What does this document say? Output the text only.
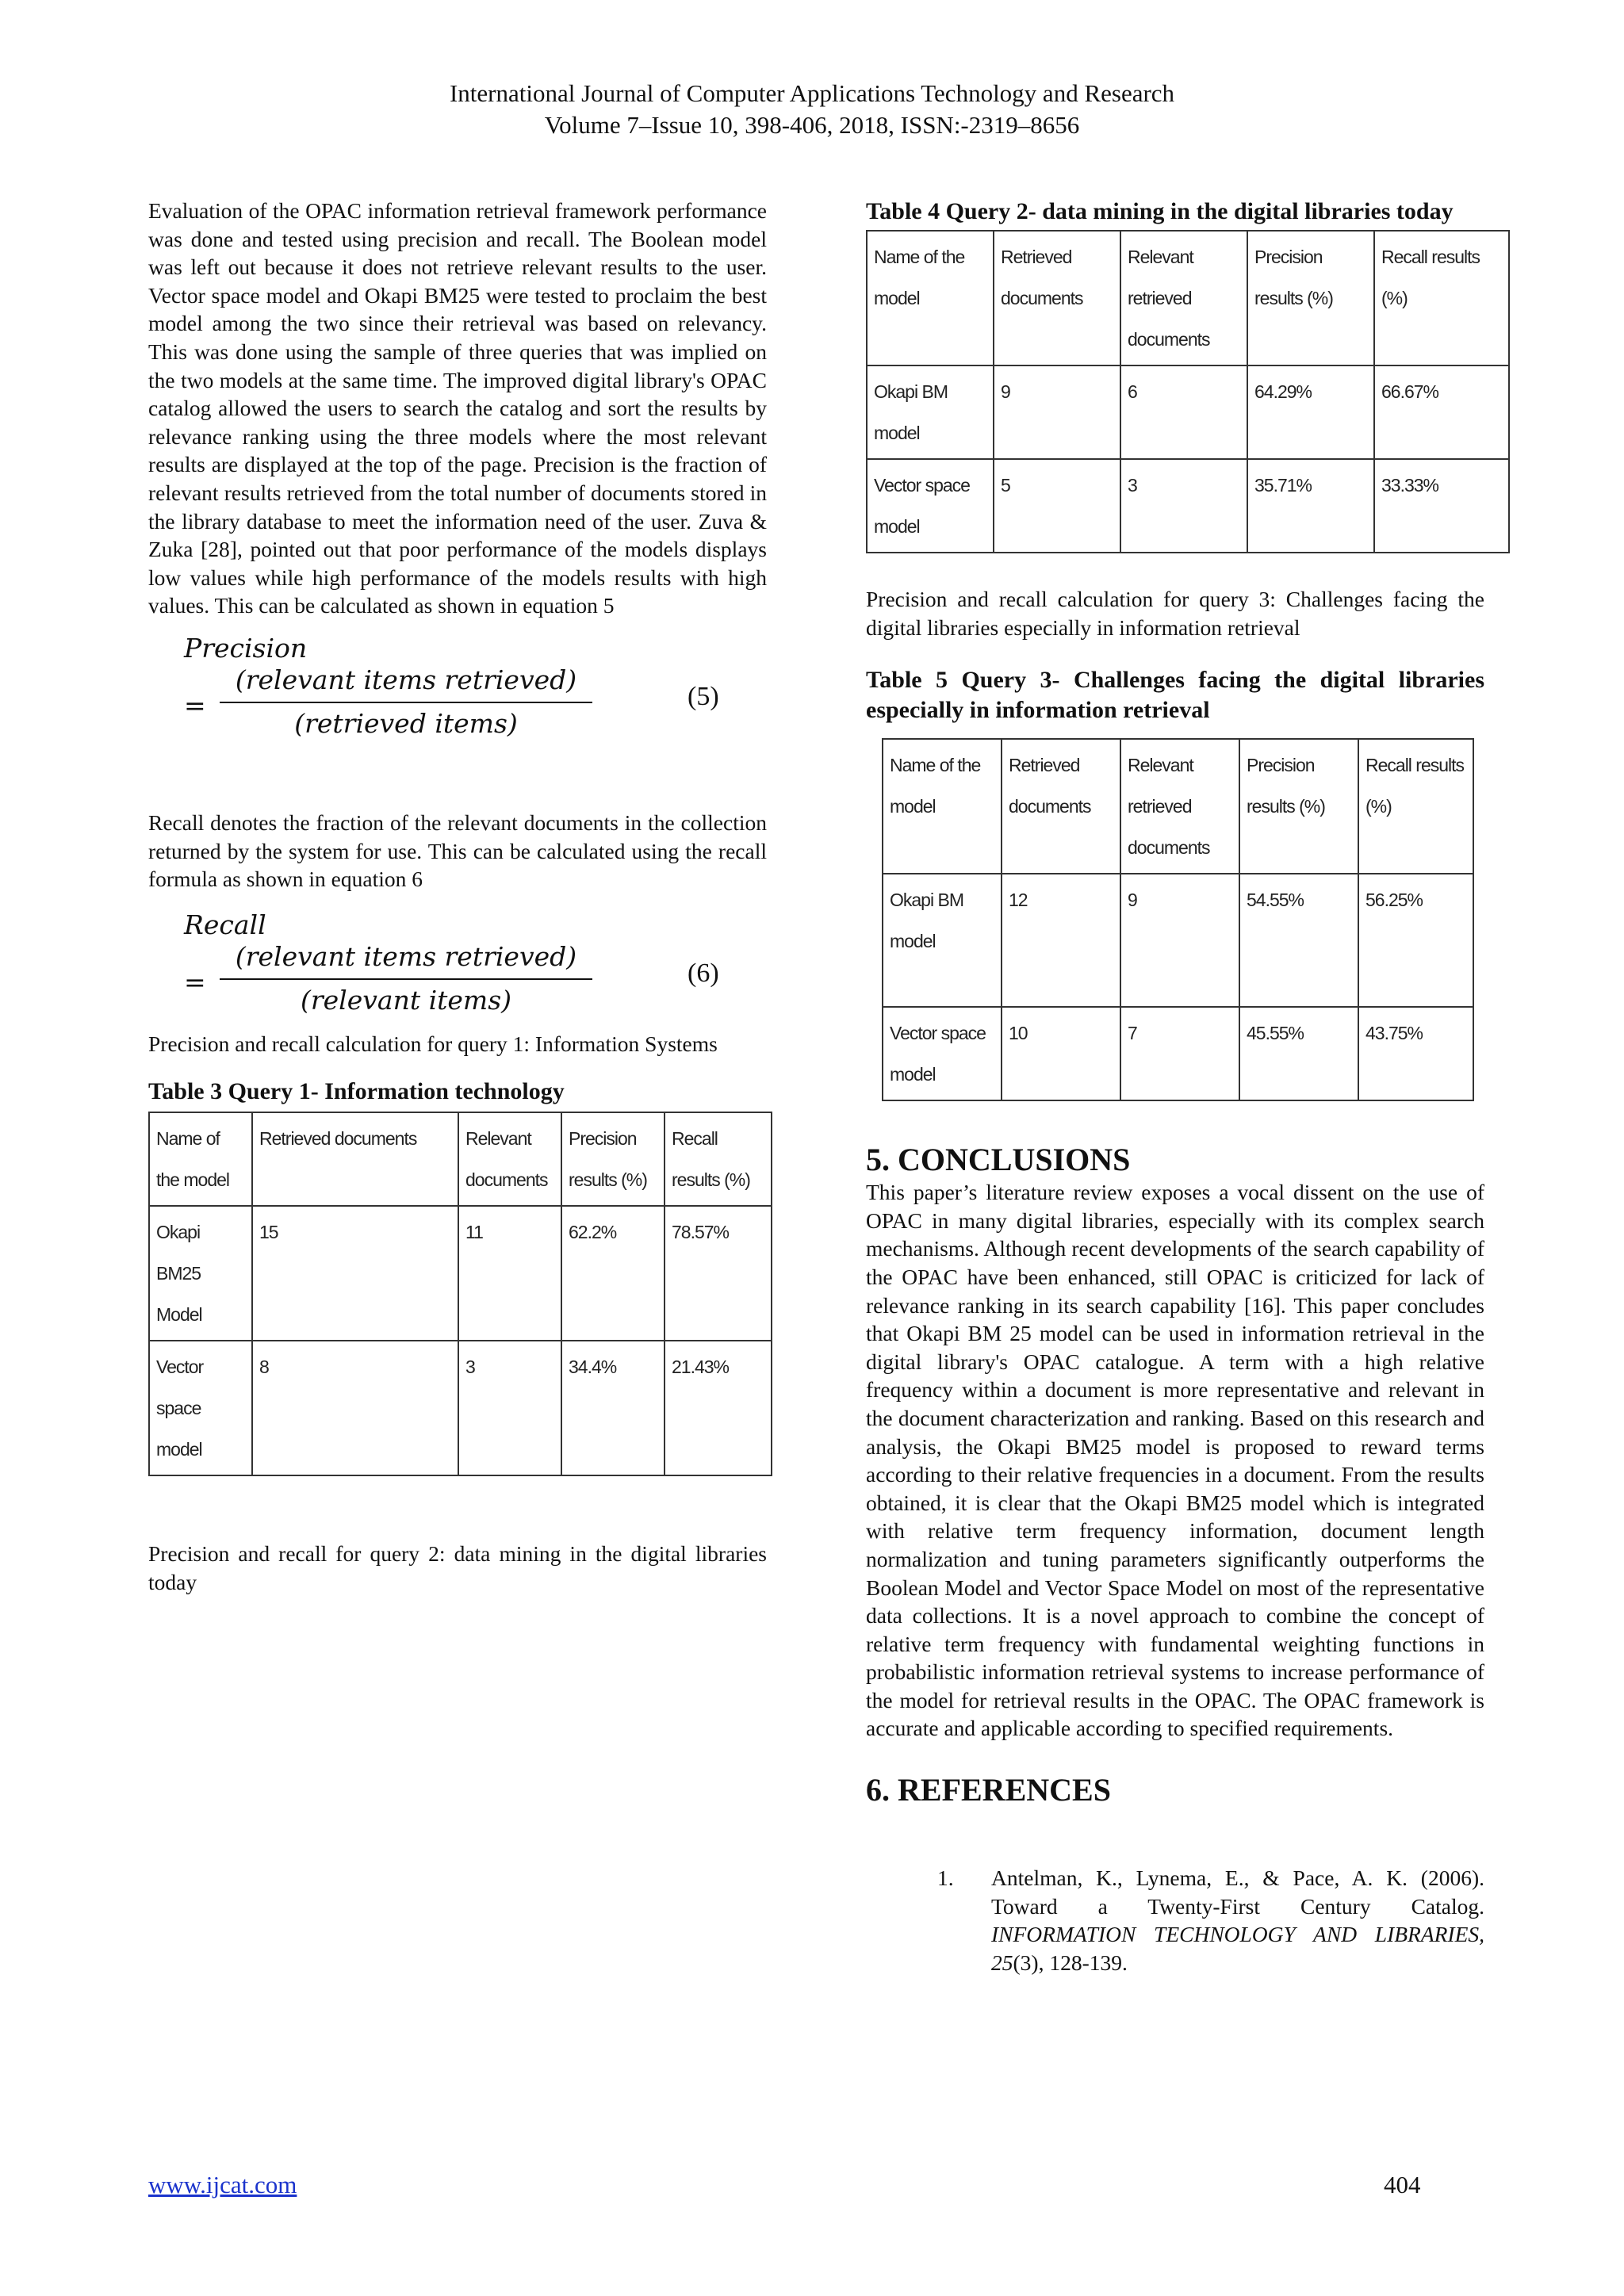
International Journal of Computer Applications Technology and Research
Volume 7–Issue 10, 398-406, 2018, ISSN:-2319–8656

Evaluation of the OPAC information retrieval framework performance was done and tested using precision and recall. The Boolean model was left out because it does not retrieve relevant results to the user. Vector space model and Okapi BM25 were tested to proclaim the best model among the two since their retrieval was based on relevancy. This was done using the sample of three queries that was implied on the two models at the same time. The improved digital library's OPAC catalog allowed the users to search the catalog and sort the results by relevance ranking using the three models where the most relevant results are displayed at the top of the page. Precision is the fraction of relevant results retrieved from the total number of documents stored in the library database to meet the information need of the user. Zuva & Zuka [28], pointed out that poor performance of the models displays low values while high performance of the models results with high values. This can be calculated as shown in equation 5

Precision
=
(relevant items retrieved)
(retrieved items)
(5)

Recall denotes the fraction of the relevant documents in the collection returned by the system for use. This can be calculated using the recall formula as shown in equation 6

Recall
=
(relevant items retrieved)
(relevant items)
(6)

Precision and recall calculation for query 1: Information Systems

Table 3 Query 1- Information technology

Name of the model	Retrieved documents	Relevant documents	Precision results (%)	Recall results (%)
Okapi BM25 Model	15	11	62.2%	78.57%
Vector space model	8	3	34.4%	21.43%

Precision and recall for query 2: data mining in the digital libraries today

Table 4 Query 2- data mining in the digital libraries today

Name of the model	Retrieved documents	Relevant retrieved documents	Precision results (%)	Recall results (%)
Okapi BM model	9	6	64.29%	66.67%
Vector space model	5	3	35.71%	33.33%

Precision and recall calculation for query 3: Challenges facing the digital libraries especially in information retrieval

Table 5 Query 3- Challenges facing the digital libraries especially in information retrieval

Name of the model	Retrieved documents	Relevant retrieved documents	Precision results (%)	Recall results (%)
Okapi BM model	12	9	54.55%	56.25%
Vector space model	10	7	45.55%	43.75%

5. CONCLUSIONS

This paper’s literature review exposes a vocal dissent on the use of OPAC in many digital libraries, especially with its complex search mechanisms. Although recent developments of the search capability of the OPAC have been enhanced, still OPAC is criticized for lack of relevance ranking in its search capability [16]. This paper concludes that Okapi BM 25 model can be used in information retrieval in the digital library's OPAC catalogue. A term with a high relative frequency within a document is more representative and relevant in the document characterization and ranking. Based on this research and analysis, the Okapi BM25 model is proposed to reward terms according to their relative frequencies in a document. From the results obtained, it is clear that the Okapi BM25 model which is integrated with relative term frequency information, document length normalization and tuning parameters significantly outperforms the Boolean Model and Vector Space Model on most of the representative data collections. It is a novel approach to combine the concept of relative term frequency with fundamental weighting functions in probabilistic information retrieval systems to increase performance of the model for retrieval results in the OPAC. The OPAC framework is accurate and applicable according to specified requirements.

6. REFERENCES

1. Antelman, K., Lynema, E., & Pace, A. K. (2006). Toward a Twenty-First Century Catalog. INFORMATION TECHNOLOGY AND LIBRARIES, 25(3), 128-139.
www.ijcat.com	404
